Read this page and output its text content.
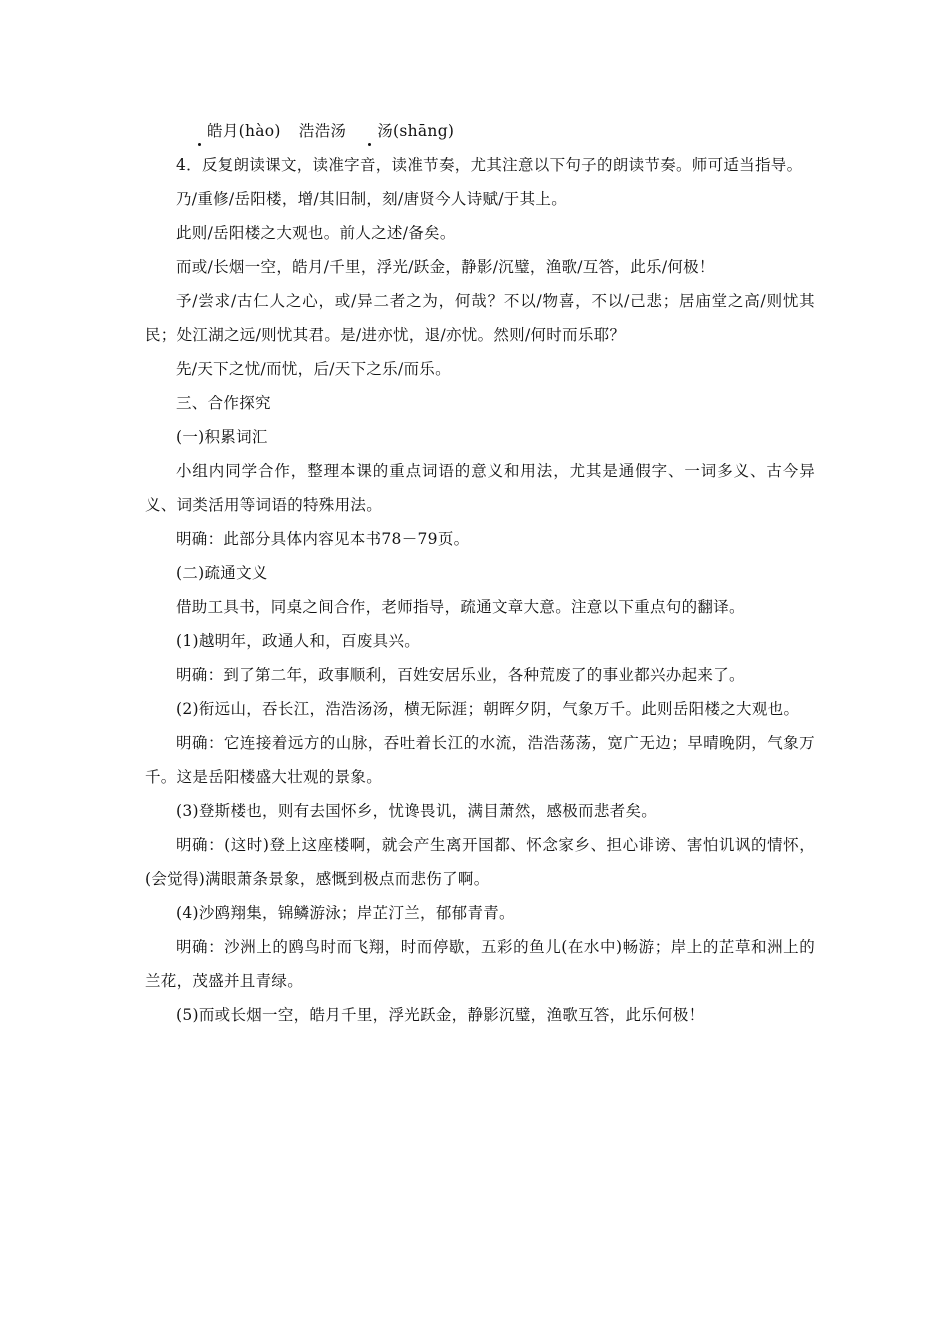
皓月(hào) 浩浩汤 汤(shāng)

4．反复朗读课文，读准字音，读准节奏，尤其注意以下句子的朗读节奏。师可适当指导。

乃/重修/岳阳楼，增/其旧制，刻/唐贤今人诗赋/于其上。

此则/岳阳楼之大观也。前人之述/备矣。

而或/长烟一空，皓月/千里，浮光/跃金，静影/沉璧，渔歌/互答，此乐/何极！

予/尝求/古仁人之心，或/异二者之为，何哉？不以/物喜，不以/己悲；居庙堂之高/则忧其民；处江湖之远/则忧其君。是/进亦忧，退/亦忧。然则/何时而乐耶？

先/天下之忧/而忧，后/天下之乐/而乐。

三、合作探究

(一)积累词汇

小组内同学合作，整理本课的重点词语的意义和用法，尤其是通假字、一词多义、古今异义、词类活用等词语的特殊用法。

明确：此部分具体内容见本书78－79页。

(二)疏通文义

借助工具书，同桌之间合作，老师指导，疏通文章大意。注意以下重点句的翻译。

(1)越明年，政通人和，百废具兴。

明确：到了第二年，政事顺利，百姓安居乐业，各种荒废了的事业都兴办起来了。

(2)衔远山，吞长江，浩浩汤汤，横无际涯；朝晖夕阴，气象万千。此则岳阳楼之大观也。

明确：它连接着远方的山脉，吞吐着长江的水流，浩浩荡荡，宽广无边；早晴晚阴，气象万千。这是岳阳楼盛大壮观的景象。

(3)登斯楼也，则有去国怀乡，忧谗畏讥，满目萧然，感极而悲者矣。

明确：(这时)登上这座楼啊，就会产生离开国都、怀念家乡、担心诽谤、害怕讥讽的情怀，(会觉得)满眼萧条景象，感慨到极点而悲伤了啊。

(4)沙鸥翔集，锦鳞游泳；岸芷汀兰，郁郁青青。

明确：沙洲上的鸥鸟时而飞翔，时而停歇，五彩的鱼儿(在水中)畅游；岸上的芷草和洲上的兰花，茂盛并且青绿。

(5)而或长烟一空，皓月千里，浮光跃金，静影沉璧，渔歌互答，此乐何极！
